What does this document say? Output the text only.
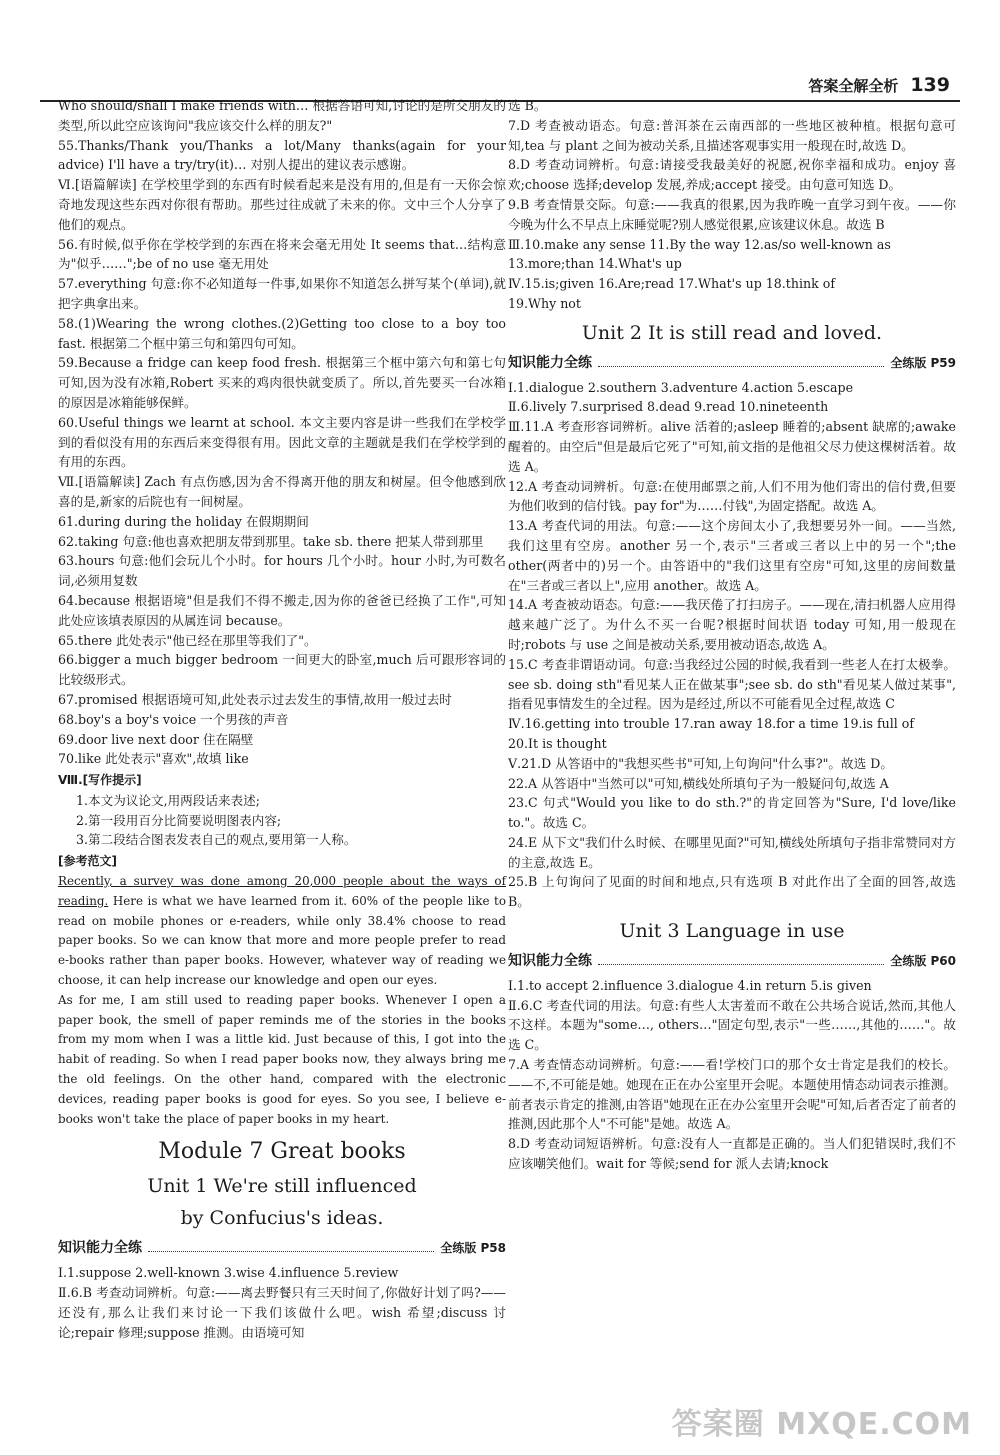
答案全解全析 139

Who should/shall I make friends with… 根据答语可知,讨论的是所交朋友的类型,所以此空应该询问"我应该交什么样的朋友?"

55.Thanks/Thank you/Thanks a lot/Many thanks(again for your advice) I'll have a try/try(it)… 对别人提出的建议表示感谢。

Ⅵ.[语篇解读] 在学校里学到的东西有时候看起来是没有用的,但是有一天你会惊奇地发现这些东西对你很有帮助。那些过往成就了未来的你。文中三个人分享了他们的观点。

56.有时候,似乎你在学校学到的东西在将来会毫无用处 It seems that…结构意为"似乎……";be of no use 毫无用处

57.everything 句意:你不必知道每一件事,如果你不知道怎么拼写某个(单词),就把字典拿出来。

58.(1)Wearing the wrong clothes.(2)Getting too close to a boy too fast. 根据第二个框中第三句和第四句可知。

59.Because a fridge can keep food fresh. 根据第三个框中第六句和第七句可知,因为没有冰箱,Robert 买来的鸡肉很快就变质了。所以,首先要买一台冰箱的原因是冰箱能够保鲜。

60.Useful things we learnt at school. 本文主要内容是讲一些我们在学校学到的看似没有用的东西后来变得很有用。因此文章的主题就是我们在学校学到的有用的东西。

Ⅶ.[语篇解读] Zach 有点伤感,因为舍不得离开他的朋友和树屋。但令他感到欣喜的是,新家的后院也有一间树屋。

61.during during the holiday 在假期期间

62.taking 句意:他也喜欢把朋友带到那里。take sb. there 把某人带到那里

63.hours 句意:他们会玩儿个小时。for hours 几个小时。hour 小时,为可数名词,必须用复数

64.because 根据语境"但是我们不得不搬走,因为你的爸爸已经换了工作",可知此处应该填表原因的从属连词 because。

65.there 此处表示"他已经在那里等我们了"。

66.bigger a much bigger bedroom 一间更大的卧室,much 后可跟形容词的比较级形式。

67.promised 根据语境可知,此处表示过去发生的事情,故用一般过去时

68.boy's a boy's voice 一个男孩的声音

69.door live next door 住在隔壁

70.like 此处表示"喜欢",故填 like

Ⅷ.[写作提示]

1.本文为议论文,用两段话来表述;

2.第一段用百分比简要说明图表内容;

3.第二段结合图表发表自己的观点,要用第一人称。

[参考范文]

Recently, a survey was done among 20,000 people about the ways of reading. Here is what we have learned from it. 60% of the people like to read on mobile phones or e-readers, while only 38.4% choose to read paper books. So we can know that more and more people prefer to read e-books rather than paper books. However, whatever way of reading we choose, it can help increase our knowledge and open our eyes.

As for me, I am still used to reading paper books. Whenever I open a paper book, the smell of paper reminds me of the stories in the books from my mom when I was a little kid. Just because of this, I got into the habit of reading. So when I read paper books now, they always bring me the old feelings. On the other hand, compared with the electronic devices, reading paper books is good for eyes. So you see, I believe e-books won't take the place of paper books in my heart.

Module 7 Great books
Unit 1 We're still influenced
by Confucius's ideas.
知识能力全练	全练版 P58

Ⅰ.1.suppose 2.well-known 3.wise 4.influence 5.review

Ⅱ.6.B 考查动词辨析。句意:——离去野餐只有三天时间了,你做好计划了吗?——还没有,那么让我们来讨论一下我们该做什么吧。wish 希望;discuss 讨论;repair 修理;suppose 推测。由语境可知

选 B。

7.D 考查被动语态。句意:普洱茶在云南西部的一些地区被种植。根据句意可知,tea 与 plant 之间为被动关系,且描述客观事实用一般现在时,故选 D。

8.D 考查动词辨析。句意:请接受我最美好的祝愿,祝你幸福和成功。enjoy 喜欢;choose 选择;develop 发展,养成;accept 接受。由句意可知选 D。

9.B 考查情景交际。句意:——我真的很累,因为我昨晚一直学习到午夜。——你今晚为什么不早点上床睡觉呢?别人感觉很累,应该建议休息。故选 B

Ⅲ.10.make any sense 11.By the way 12.as/so well-known as

13.more;than 14.What's up

Ⅳ.15.is;given 16.Are;read 17.What's up 18.think of

19.Why not

Unit 2 It is still read and loved.
知识能力全练	全练版 P59

Ⅰ.1.dialogue 2.southern 3.adventure 4.action 5.escape

Ⅱ.6.lively 7.surprised 8.dead 9.read 10.nineteenth

Ⅲ.11.A 考查形容词辨析。alive 活着的;asleep 睡着的;absent 缺席的;awake 醒着的。由空后"但是最后它死了"可知,前文指的是他祖父尽力使这棵树活着。故选 A。

12.A 考查动词辨析。句意:在使用邮票之前,人们不用为他们寄出的信付费,但要为他们收到的信付钱。pay for"为……付钱",为固定搭配。故选 A。

13.A 考查代词的用法。句意:——这个房间太小了,我想要另外一间。——当然,我们这里有空房。another 另一个,表示"三者或三者以上中的另一个";the other(两者中的)另一个。由答语中的"我们这里有空房"可知,这里的房间数量在"三者或三者以上",应用 another。故选 A。

14.A 考查被动语态。句意:——我厌倦了打扫房子。——现在,清扫机器人应用得越来越广泛了。为什么不买一台呢?根据时间状语 today 可知,用一般现在时;robots 与 use 之间是被动关系,要用被动语态,故选 A。

15.C 考查非谓语动词。句意:当我经过公园的时候,我看到一些老人在打太极拳。see sb. doing sth"看见某人正在做某事";see sb. do sth"看见某人做过某事",指看见事情发生的全过程。因为是经过,所以不可能看见全过程,故选 C

Ⅳ.16.getting into trouble 17.ran away 18.for a time 19.is full of

20.It is thought

Ⅴ.21.D 从答语中的"我想买些书"可知,上句询问"什么事?"。故选 D。

22.A 从答语中"当然可以"可知,横线处所填句子为一般疑问句,故选 A

23.C 句式"Would you like to do sth.?"的肯定回答为"Sure, I'd love/like to."。故选 C。

24.E 从下文"我们什么时候、在哪里见面?"可知,横线处所填句子指非常赞同对方的主意,故选 E。

25.B 上句询问了见面的时间和地点,只有选项 B 对此作出了全面的回答,故选 B。

Unit 3 Language in use
知识能力全练	全练版 P60

Ⅰ.1.to accept 2.influence 3.dialogue 4.in return 5.is given

Ⅱ.6.C 考查代词的用法。句意:有些人太害羞而不敢在公共场合说话,然而,其他人不这样。本题为"some…, others…"固定句型,表示"一些……,其他的……"。故选 C。

7.A 考查情态动词辨析。句意:——看!学校门口的那个女士肯定是我们的校长。——不,不可能是她。她现在正在办公室里开会呢。本题使用情态动词表示推测。前者表示肯定的推测,由答语"她现在正在办公室里开会呢"可知,后者否定了前者的推测,因此那个人"不可能"是她。故选 A。

8.D 考查动词短语辨析。句意:没有人一直都是正确的。当人们犯错误时,我们不应该嘲笑他们。wait for 等候;send for 派人去请;knock

答案圈 MXQE.COM
